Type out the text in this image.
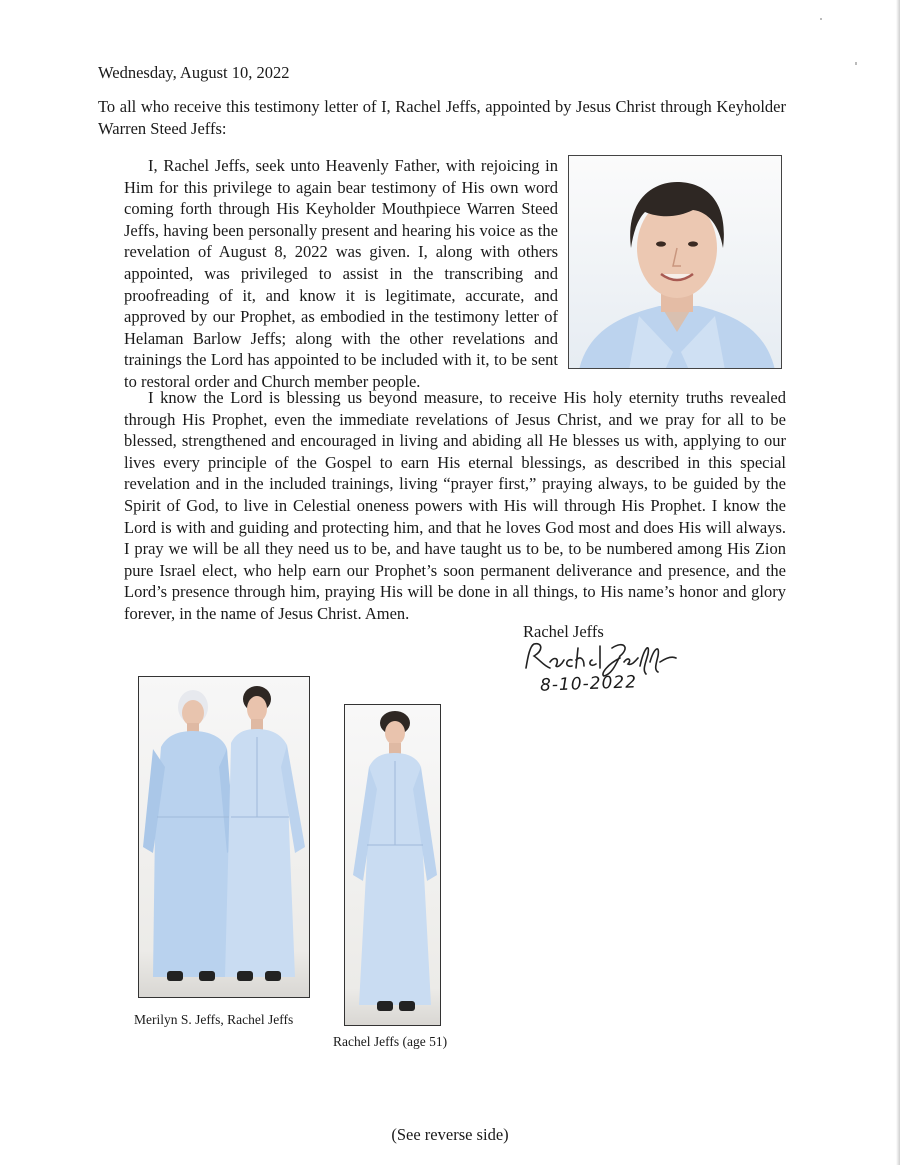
Wednesday, August 10, 2022
To all who receive this testimony letter of I, Rachel Jeffs, appointed by Jesus Christ through Keyholder Warren Steed Jeffs:
I, Rachel Jeffs, seek unto Heavenly Father, with rejoicing in Him for this privilege to again bear testimony of His own word coming forth through His Keyholder Mouthpiece Warren Steed Jeffs, having been personally present and hearing his voice as the revelation of August 8, 2022 was given. I, along with others appointed, was privileged to assist in the transcribing and proofreading of it, and know it is legitimate, accurate, and approved by our Prophet, as embodied in the testimony letter of Helaman Barlow Jeffs; along with the other revelations and trainings the Lord has appointed to be included with it, to be sent to restoral order and Church member people.
I know the Lord is blessing us beyond measure, to receive His holy eternity truths revealed through His Prophet, even the immediate revelations of Jesus Christ, and we pray for all to be blessed, strengthened and encouraged in living and abiding all He blesses us with, applying to our lives every principle of the Gospel to earn His eternal blessings, as described in this special revelation and in the included trainings, living “prayer first,” praying always, to be guided by the Spirit of God, to live in Celestial oneness powers with His will through His Prophet. I know the Lord is with and guiding and protecting him, and that he loves God most and does His will always. I pray we will be all they need us to be, and have taught us to be, to be numbered among His Zion pure Israel elect, who help earn our Prophet’s soon permanent deliverance and presence, and the Lord’s presence through him, praying His will be done in all things, to His name’s honor and glory forever, in the name of Jesus Christ. Amen.
Rachel Jeffs
8-10-2022
Merilyn S. Jeffs, Rachel Jeffs
Rachel Jeffs (age 51)
(See reverse side)
